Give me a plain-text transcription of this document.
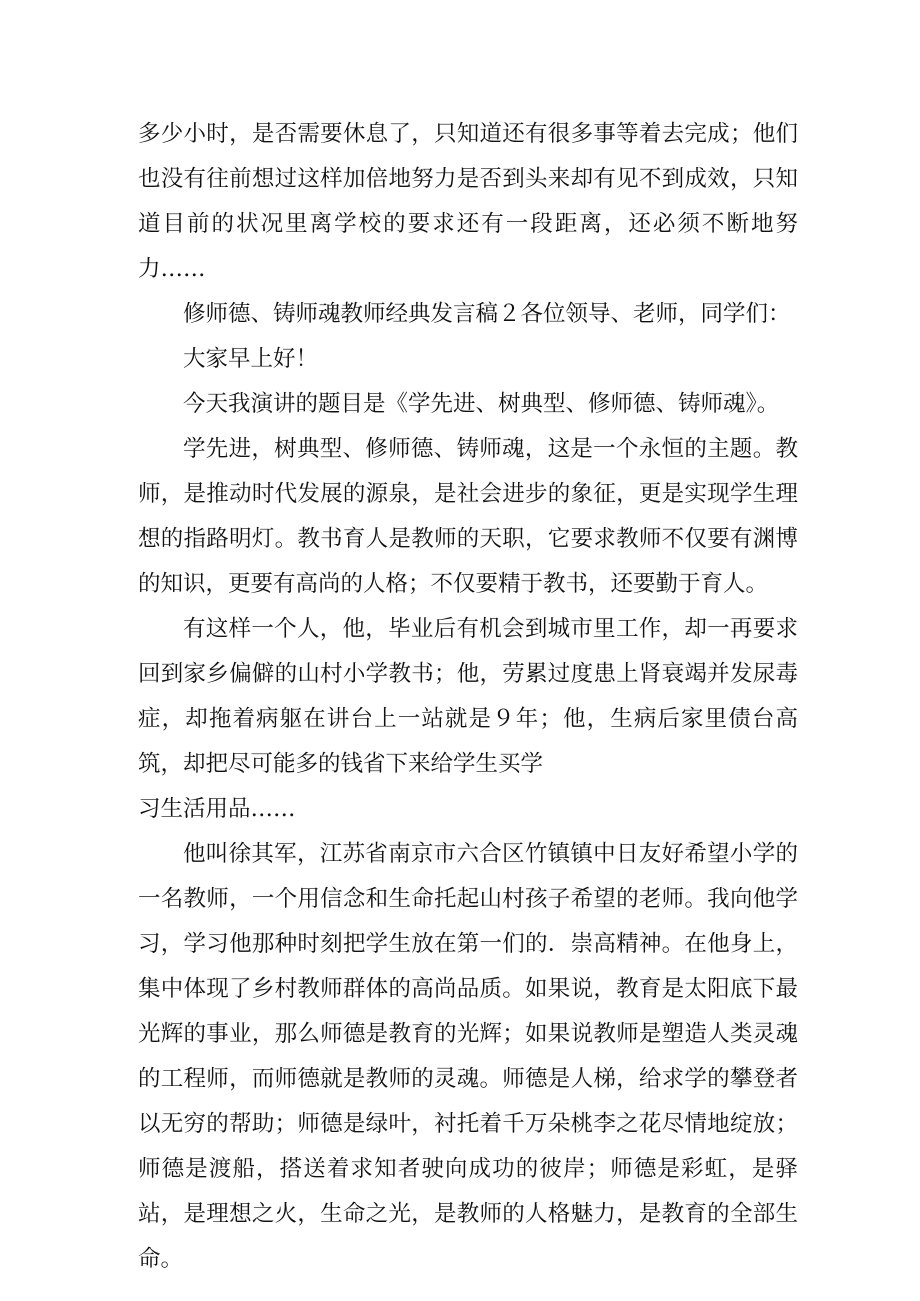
多少小时，是否需要休息了，只知道还有很多事等着去完成；他们也没有往前想过这样加倍地努力是否到头来却有见不到成效，只知道目前的状况里离学校的要求还有一段距离，还必须不断地努力……

修师德、铸师魂教师经典发言稿２各位领导、老师，同学们：

大家早上好！

今天我演讲的题目是《学先进、树典型、修师德、铸师魂》。

学先进，树典型、修师德、铸师魂，这是一个永恒的主题。教师，是推动时代发展的源泉，是社会进步的象征，更是实现学生理想的指路明灯。教书育人是教师的天职，它要求教师不仅要有渊博的知识，更要有高尚的人格；不仅要精于教书，还要勤于育人。

有这样一个人，他，毕业后有机会到城市里工作，却一再要求回到家乡偏僻的山村小学教书；他，劳累过度患上肾衰竭并发尿毒症，却拖着病躯在讲台上一站就是９年；他，生病后家里债台高筑，却把尽可能多的钱省下来给学生买学

习生活用品……

他叫徐其军，江苏省南京市六合区竹镇镇中日友好希望小学的一名教师，一个用信念和生命托起山村孩子希望的老师。我向他学习，学习他那种时刻把学生放在第一们的．崇高精神。在他身上，集中体现了乡村教师群体的高尚品质。如果说，教育是太阳底下最光辉的事业，那么师德是教育的光辉；如果说教师是塑造人类灵魂的工程师，而师德就是教师的灵魂。师德是人梯，给求学的攀登者以无穷的帮助；师德是绿叶，衬托着千万朵桃李之花尽情地绽放；师德是渡船，搭送着求知者驶向成功的彼岸；师德是彩虹，是驿站，是理想之火，生命之光，是教师的人格魅力，是教育的全部生命。
